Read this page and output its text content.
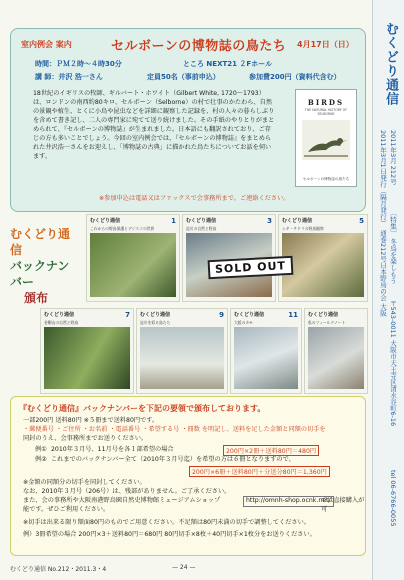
むくどり通信
2011年3月 212号
2011年3月1日発行（隔月発行）
［特集］ 冬鳥を楽しもう
通巻212号
日本野鳥の会 大阪
〒543-0011 大阪市天王寺区清水谷町6-16
tel 06-6766-0055
室内例会 案内	セルボーンの博物誌の鳥たち 4月17日（日）
時間：ＰＭ２時～４時30分	ところ NEXT21 ２Fホール
講 師：井沢 浩一さん	定員50名（事前申込）	参加費200円（資料代含む）
18世紀のイギリスの牧師、ギルバート・ホワイト（Gilbert White, 1720～1793）は、ロンドンの南西約80キロ、セルボーン（Selborne）の村で壮事のかたわら、自然の景観や植生、とくに小鳥や昆虫などを詳細に観察した記録を、村の人々の暮らしぶりを含めて書き記し、二人の専門家に宛てて送り続けました。その手紙のやりとりがまとめられて、『セルボーンの博物誌』が生まれました。日本語にも翻訳されており、ご存じの方も多いことでしょう。今回の室内例会では、『セルボーンの博物誌』をまとめられた井沢浩一さんをお迎えし、「博物誌の古典」に描かれた鳥たちについてお話を伺います。
※参加申込は電話又はファックスで会事務所まで。ご連絡ください。
BIRDS
THE NATURAL HISTORY OF SELBORNE
セルボーンの博物誌の鳥たち
むくどり通信
バックナンバー
頒布
むくどり通信	1
これからの野鳥保護とデジスコの世界
むくどり通信	3
淀川の自然と野鳥
むくどり通信	5
シギ・チドリの野鳥観察
SOLD OUT
むくどり通信	7
金剛山の自然と野鳥
むくどり通信	9
淀川を彩る鳥たち
むくどり通信	11
大阪のカモ
むくどり通信
私のフィールドノート
『むくどり通信』バックナンバーを下記の要領で頒布しております。
一部200円 送料80円 ※５冊まで送料80円です。
・郵便番号 ・ご住所 ・お名前 ・電話番号 ・希望する号 ・冊数 を明記し、送料を足した金額と同額の切手を
同封のうえ、会事務所までお送りください。
例① 2010年３月号、11月号を各１部希望の場合	200円×2冊＋送料80円＝480円
例② これまでのバックナンバー全て（2010年３月号迄）を希望の方は６冊となりますので、
200円×6冊＋送料80円＋分送分80円＝1,360円
※金額の同額分の切手を同封してください。
なお、2010年３月号（206号）は、残部がありません。ご了承ください。
また、会の事務所や大阪南港野鳥園自然史博物館ミュージアムショップ	http://omnh-shop.ocnk.net/
では直接購入が可
能です。ぜひご利用ください。
※切手は出来る限り額面80円のものでご用意ください。不足額は80円未満の切手で調整してください。
例）3冊希望の場合 200円×3＋送料80円＝680円 80円切手×8枚＋40円切手×1枚分をお送りください。
むくどり通信 No.212・2011.3・4	— 24 —
